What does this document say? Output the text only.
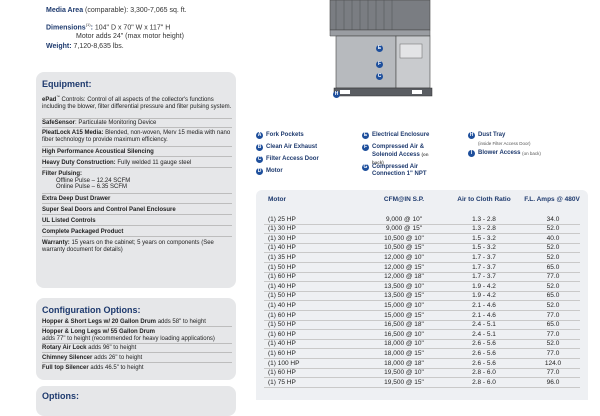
Media Area (comparable): 3,300-7,065 sq. ft.
Dimensions$^{(1)}$: 104" D x 70" W x 117" H
Motor adds 24" (max motor height)
Weight: 7,120-8,635 lbs.
Equipment:
ePad™ Controls: Control of all aspects of the collector's functions including the blower, filter differential pressure and filter pulsing system.
SafeSensor: Particulate Monitoring Device
PleatLock A15 Media: Blended, non-woven, Merv 15 media with nano fiber technology to provide maximum efficiency.
High Performance Acoustical Silencing
Heavy Duty Construction: Fully welded 11 gauge steel
Filter Pulsing:
Offline Pulse – 12.24 SCFM
Online Pulse – 6.35 SCFM
Extra Deep Dust Drawer
Super Seal Doors and Control Panel Enclosure
UL Listed Controls
Complete Packaged Product
Warranty: 15 years on the cabinet; 5 years on components (See warranty document for details)
Configuration Options:
Hopper & Short Legs w/ 20 Gallon Drum adds 58" to height
Hopper & Long Legs w/ 55 Gallon Drum
adds 77" to height (recommended for heavy loading applications)
Rotary Air Lock adds 96" to height
Chimney Silencer adds 26" to height
Full top Silencer adds 46.5" to height
Options:
E
F
C
H
A Fork Pockets
B Clean Air Exhaust
C Filter Access Door
D Motor
E Electrical Enclosure
F Compressed Air & Solenoid Access (on back)
G Compressed Air Connection 1" NPT
H Dust Tray
(inside Filter Access Door)
I Blower Access (on back)
Motor	CFM@IN S.P.	Air to Cloth Ratio	F.L. Amps @ 480V
(1) 25 HP	9,000 @ 10"	1.3 - 2.8	34.0
(1) 30 HP	9,000 @ 15"	1.3 - 2.8	52.0
(1) 30 HP	10,500 @ 10"	1.5 - 3.2	40.0
(1) 40 HP	10,500 @ 15"	1.5 - 3.2	52.0
(1) 35 HP	12,000 @ 10"	1.7 - 3.7	52.0
(1) 50 HP	12,000 @ 15"	1.7 - 3.7	65.0
(1) 60 HP	12,000 @ 18"	1.7 - 3.7	77.0
(1) 40 HP	13,500 @ 10"	1.9 - 4.2	52.0
(1) 50 HP	13,500 @ 15"	1.9 - 4.2	65.0
(1) 40 HP	15,000 @ 10"	2.1 - 4.6	52.0
(1) 60 HP	15,000 @ 15"	2.1 - 4.6	77.0
(1) 50 HP	16,500 @ 18"	2.4 - 5.1	65.0
(1) 60 HP	16,500 @ 10"	2.4 - 5.1	77.0
(1) 40 HP	18,000 @ 10"	2.6 - 5.6	52.0
(1) 60 HP	18,000 @ 15"	2.6 - 5.6	77.0
(1) 100 HP	18,000 @ 18"	2.6 - 5.6	124.0
(1) 60 HP	19,500 @ 10"	2.8 - 6.0	77.0
(1) 75 HP	19,500 @ 15"	2.8 - 6.0	96.0
